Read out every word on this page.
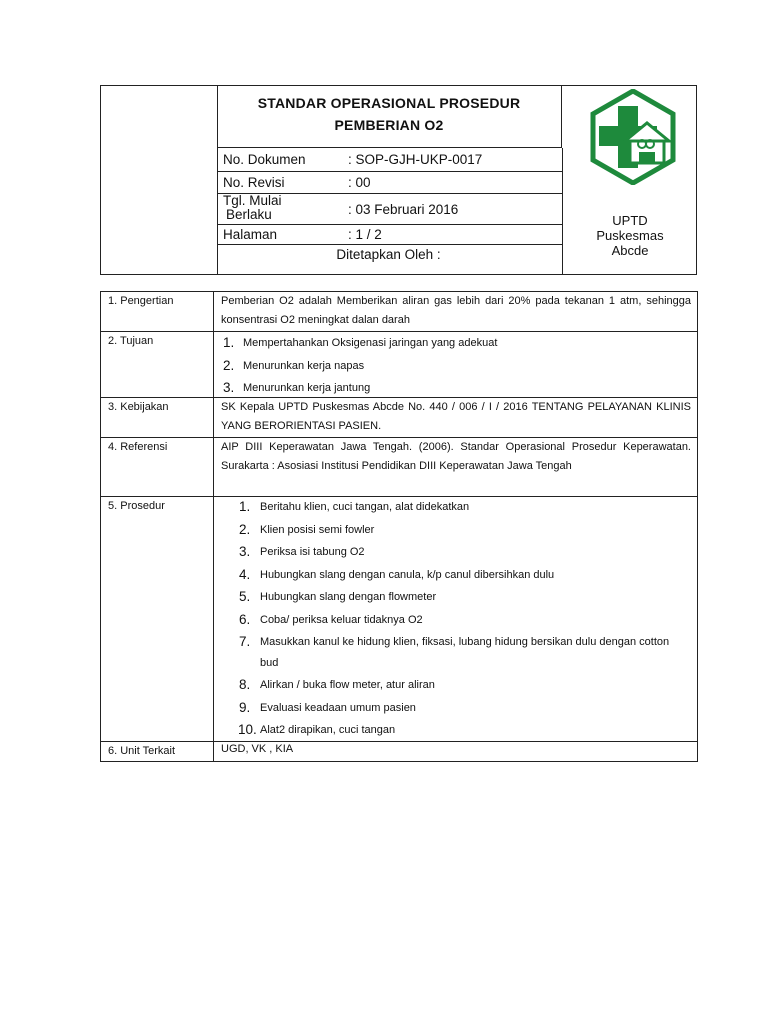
STANDAR OPERASIONAL PROSEDUR
PEMBERIAN O2
No. Dokumen	: SOP-GJH-UKP-0017
No. Revisi	: 00
Tgl. Mulai
Berlaku	: 03 Februari 2016
Halaman	: 1 / 2
Ditetapkan Oleh :
UPTD
Puskesmas
Abcde
1. Pengertian	Pemberian O2 adalah Memberikan aliran gas lebih dari 20% pada tekanan 1 atm, sehingga konsentrasi O2 meningkat dalan darah
2. Tujuan	1. Mempertahankan Oksigenasi jaringan yang adekuat
2. Menurunkan kerja napas
3. Menurunkan kerja jantung
3. Kebijakan	SK Kepala UPTD Puskesmas Abcde No. 440 / 006 / I / 2016 TENTANG PELAYANAN KLINIS YANG BERORIENTASI PASIEN.
4. Referensi	AIP DIII Keperawatan Jawa Tengah. (2006). Standar Operasional Prosedur Keperawatan. Surakarta : Asosiasi Institusi Pendidikan DIII Keperawatan Jawa Tengah
5. Prosedur	1. Beritahu klien, cuci tangan, alat didekatkan
2. Klien posisi semi fowler
3. Periksa isi tabung O2
4. Hubungkan slang dengan canula, k/p canul dibersihkan dulu
5. Hubungkan slang dengan flowmeter
6. Coba/ periksa keluar tidaknya O2
7. Masukkan kanul ke hidung klien, fiksasi, lubang hidung bersikan dulu dengan cotton bud
8. Alirkan / buka flow meter, atur aliran
9. Evaluasi keadaan umum pasien
10. Alat2 dirapikan, cuci tangan
6. Unit Terkait	UGD, VK , KIA
